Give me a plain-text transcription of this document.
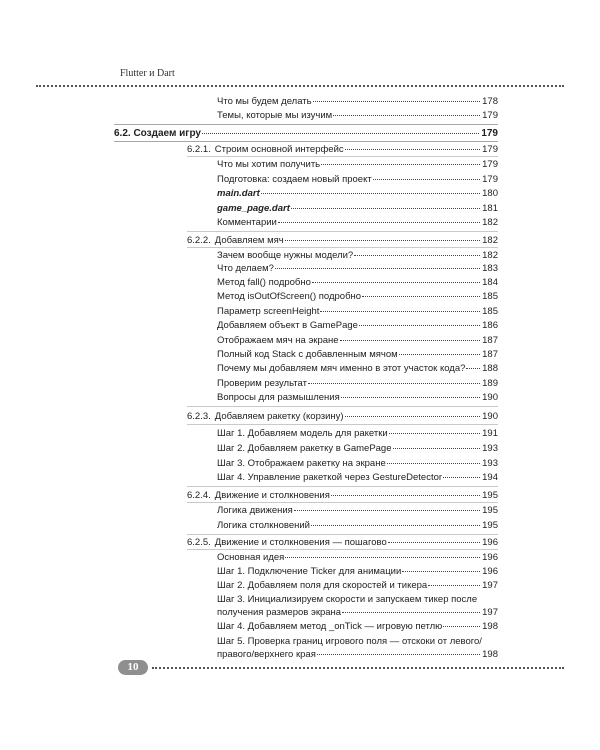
Flutter и Dart
Что мы будем делать	178
Темы, которые мы изучим	179
6.2. Создаем игру	179
6.2.1. Строим основной интерфейс	179
Что мы хотим получить	179
Подготовка: создаем новый проект	179
main.dart	180
game_page.dart	181
Комментарии	182
6.2.2. Добавляем мяч	182
Зачем вообще нужны модели?	182
Что делаем?	183
Метод fall() подробно	184
Метод isOutOfScreen() подробно	185
Параметр screenHeight	185
Добавляем объект в GamePage	186
Отображаем мяч на экране	187
Полный код Stack с добавленным мячом	187
Почему мы добавляем мяч именно в этот участок кода? 188
Проверим результат	189
Вопросы для размышления	190
6.2.3. Добавляем ракетку (корзину)	190
Шаг 1. Добавляем модель для ракетки	191
Шаг 2. Добавляем ракетку в GamePage	193
Шаг 3. Отображаем ракетку на экране	193
Шаг 4. Управление ракеткой через GestureDetector	194
6.2.4. Движение и столкновения	195
Логика движения	195
Логика столкновений	195
6.2.5. Движение и столкновения — пошагово	196
Основная идея	196
Шаг 1. Подключение Ticker для анимации	196
Шаг 2. Добавляем поля для скоростей и тикера	197
Шаг 3. Инициализируем скорости и запускаем тикер после
получения размеров экрана	197
Шаг 4. Добавляем метод _onTick — игровую петлю	198
Шаг 5. Проверка границ игрового поля — отскоки от левого/
правого/верхнего края	198
10
